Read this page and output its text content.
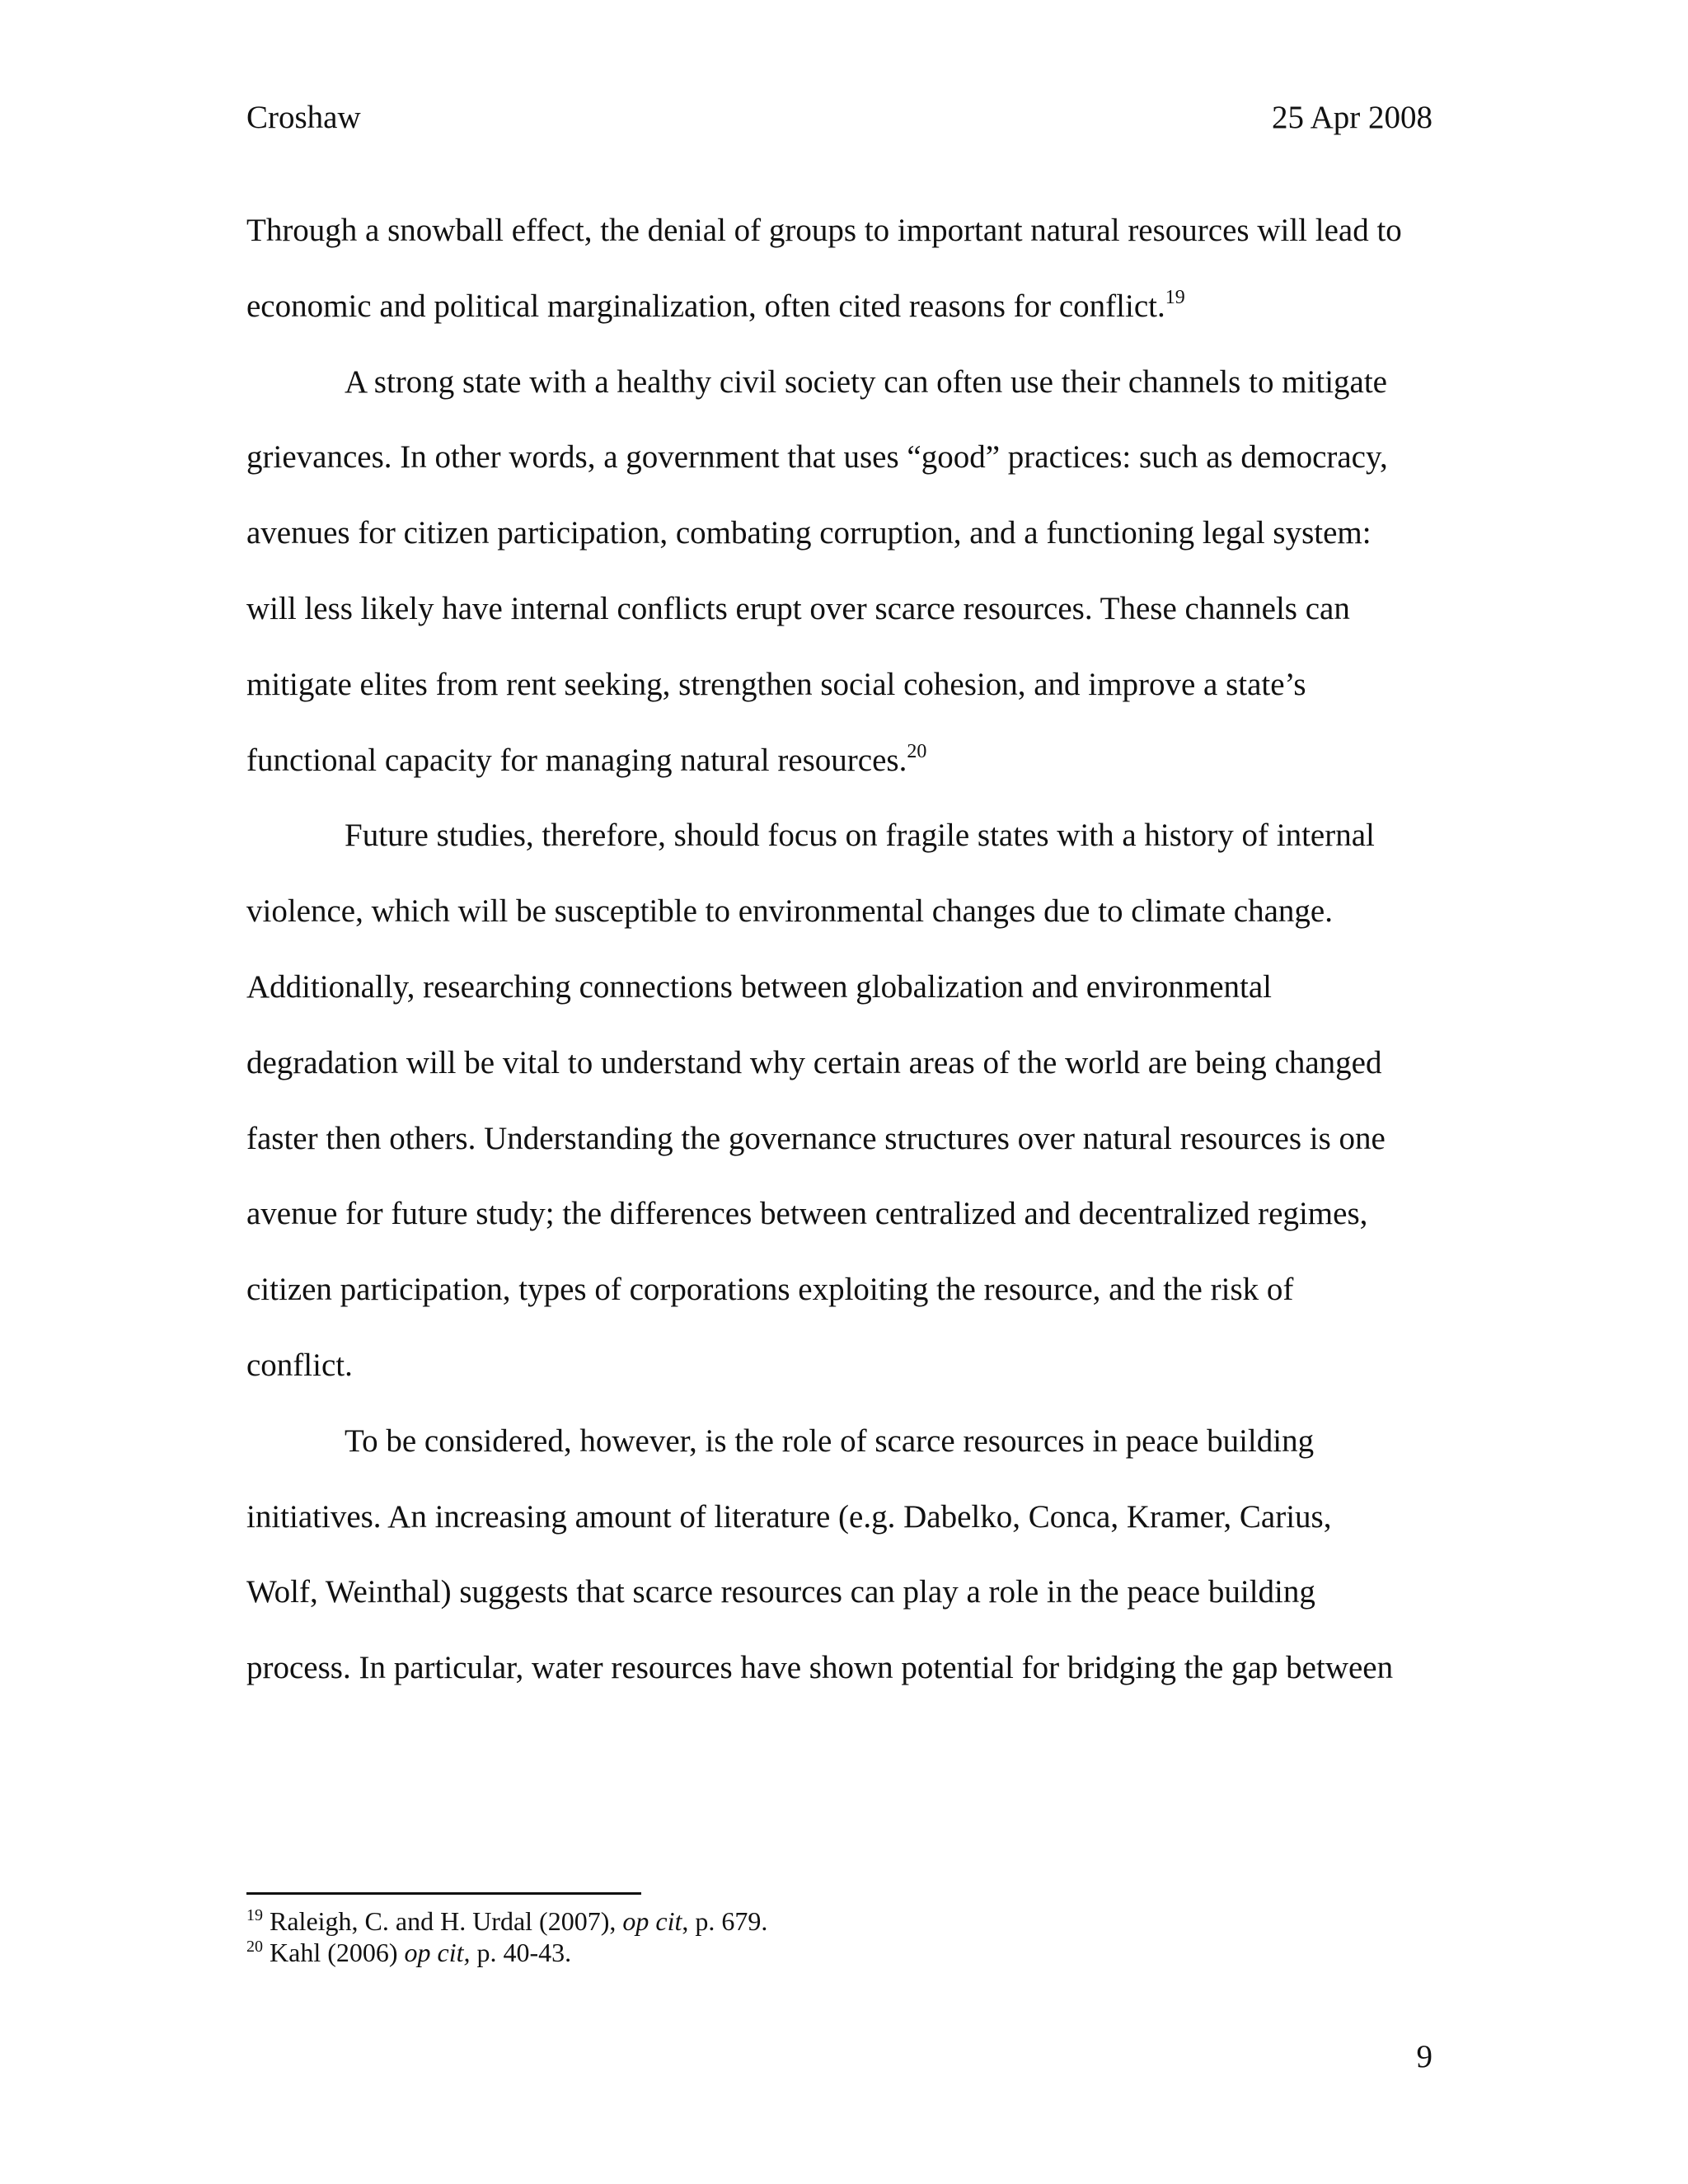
Croshaw	25 Apr 2008

Through a snowball effect, the denial of groups to important natural resources will lead to
economic and political marginalization, often cited reasons for conflict.$^{19}$

A strong state with a healthy civil society can often use their channels to mitigate
grievances. In other words, a government that uses “good” practices: such as democracy,
avenues for citizen participation, combating corruption, and a functioning legal system:
will less likely have internal conflicts erupt over scarce resources. These channels can
mitigate elites from rent seeking, strengthen social cohesion, and improve a state’s
functional capacity for managing natural resources.$^{20}$

Future studies, therefore, should focus on fragile states with a history of internal
violence, which will be susceptible to environmental changes due to climate change.
Additionally, researching connections between globalization and environmental
degradation will be vital to understand why certain areas of the world are being changed
faster then others. Understanding the governance structures over natural resources is one
avenue for future study; the differences between centralized and decentralized regimes,
citizen participation, types of corporations exploiting the resource, and the risk of
conflict.

To be considered, however, is the role of scarce resources in peace building
initiatives. An increasing amount of literature (e.g. Dabelko, Conca, Kramer, Carius,
Wolf, Weinthal) suggests that scarce resources can play a role in the peace building
process. In particular, water resources have shown potential for bridging the gap between

$^{19}$ Raleigh, C. and H. Urdal (2007), op cit, p. 679.
$^{20}$ Kahl (2006) op cit, p. 40-43.
9
